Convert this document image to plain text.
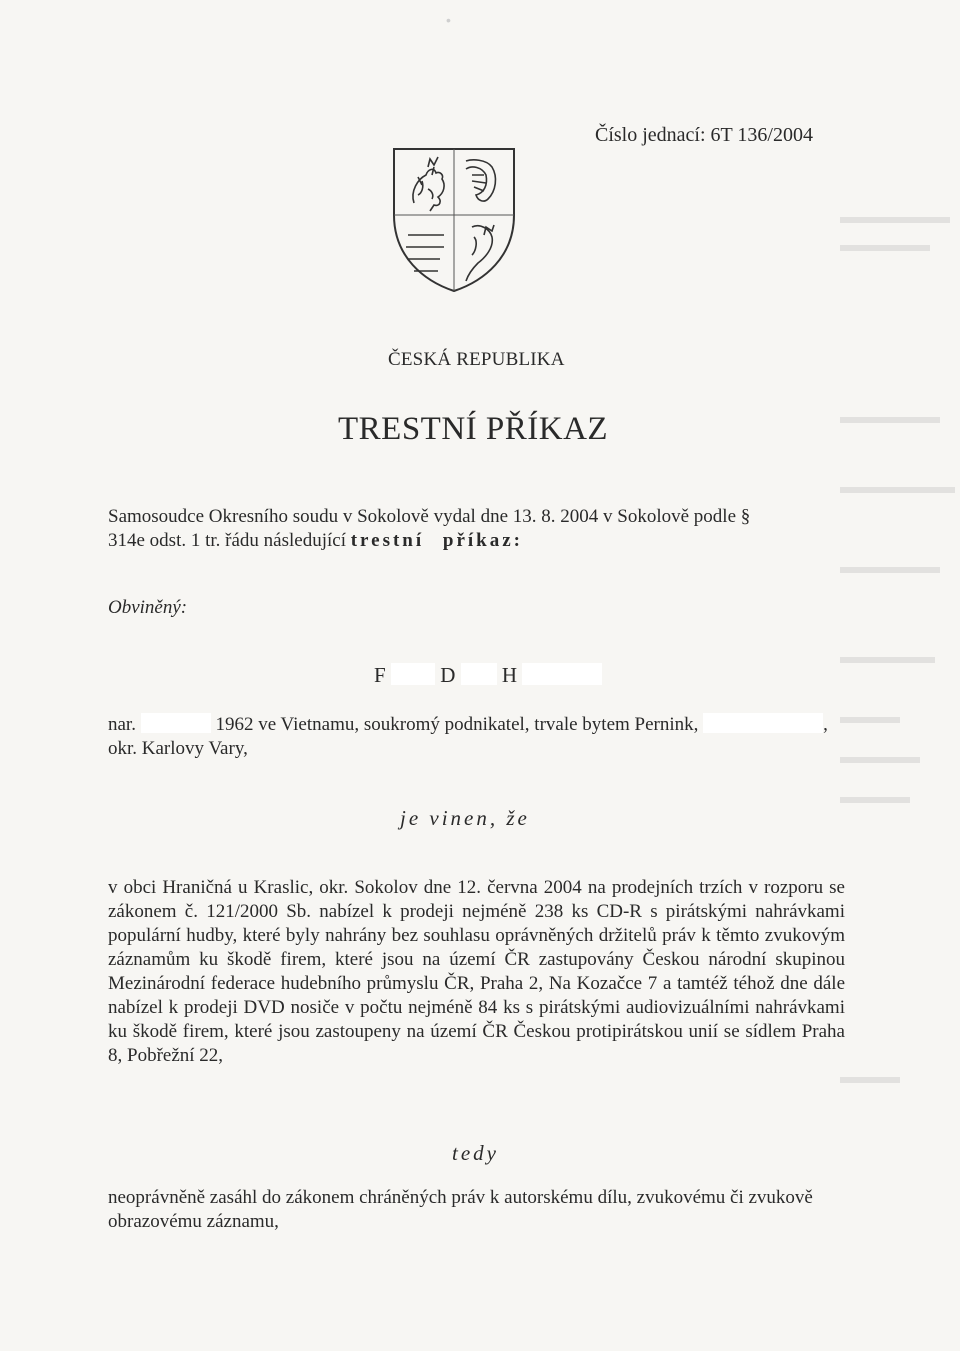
•
Číslo jednací: 6T 136/2004
ČESKÁ REPUBLIKA
TRESTNÍ PŘÍKAZ
Samosoudce Okresního soudu v Sokolově vydal dne 13. 8. 2004 v Sokolově podle §
314e odst. 1 tr. řádu následující trestní příkaz:
Obviněný:
F	D H
nar.	1962 ve Vietnamu, soukromý podnikatel, trvale bytem Pernink,	,
okr. Karlovy Vary,
je vinen, že
v obci Hraničná u Kraslic, okr. Sokolov dne 12. června 2004 na prodejních trzích v rozporu se zákonem č. 121/2000 Sb. nabízel k prodeji nejméně 238 ks CD-R s pirátskými nahrávkami populární hudby, které byly nahrány bez souhlasu oprávněných držitelů práv k těmto zvukovým záznamům ku škodě firem, které jsou na území ČR zastupovány Českou národní skupinou Mezinárodní federace hudebního průmyslu ČR, Praha 2, Na Kozačce 7 a tamtéž téhož dne dále nabízel k prodeji DVD nosiče v počtu nejméně 84 ks s pirátskými audiovizuálními nahrávkami ku škodě firem, které jsou zastoupeny na území ČR Českou protipirátskou unií se sídlem Praha 8, Pobřežní 22,
tedy
neoprávněně zasáhl do zákonem chráněných práv k autorskému dílu, zvukovému či zvukově obrazovému záznamu,
